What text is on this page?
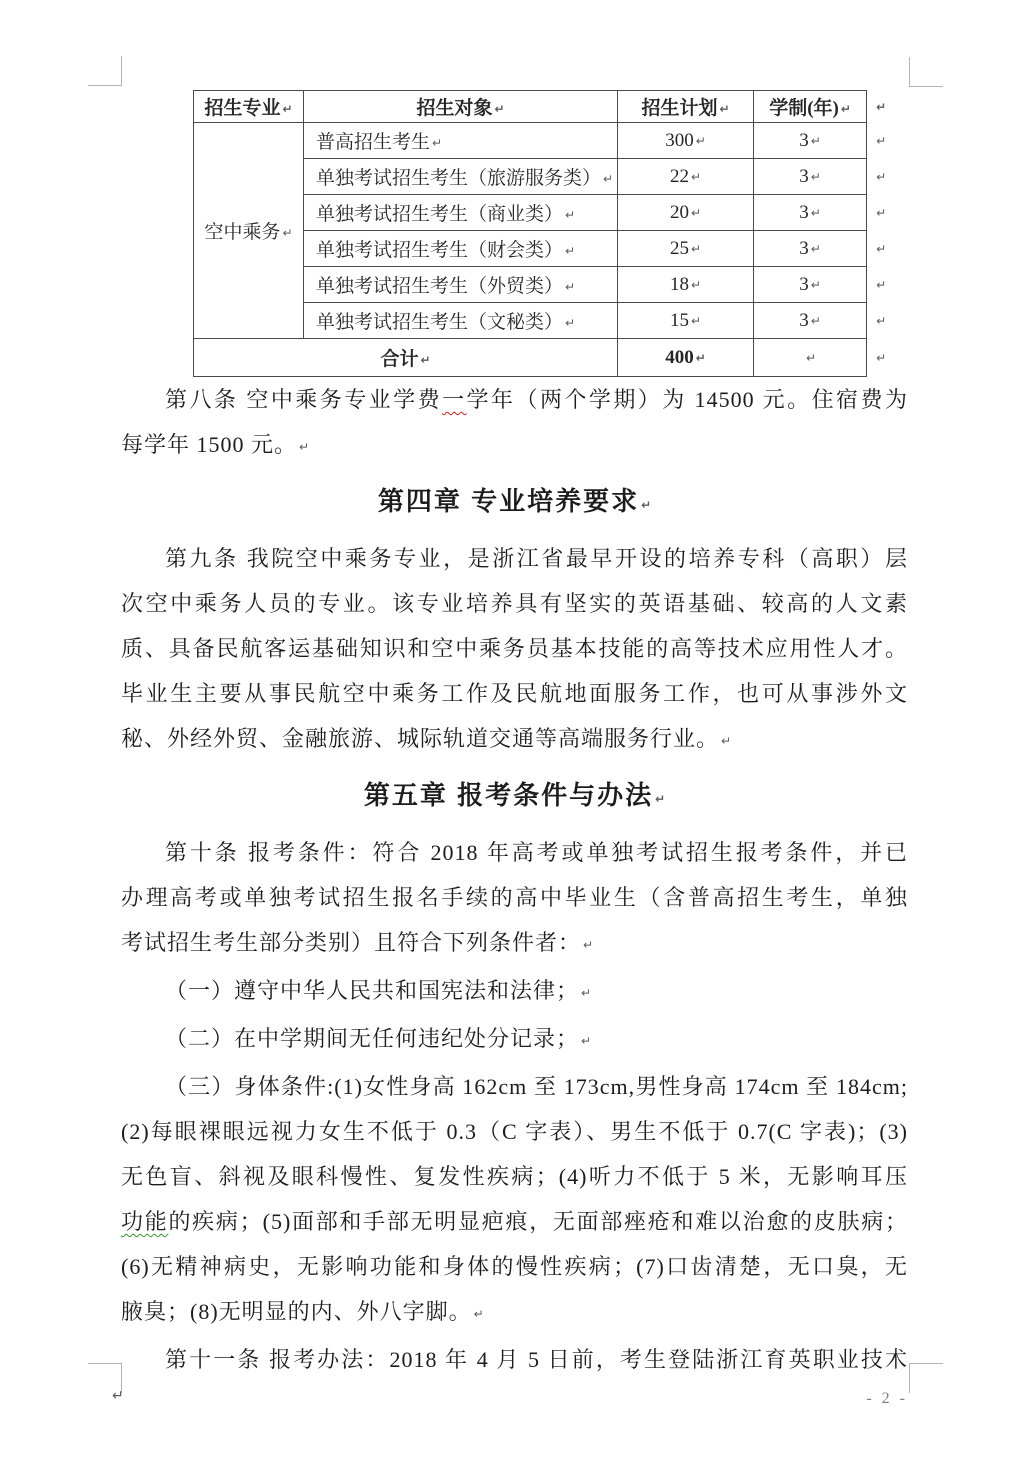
招生专业 ↵	招生对象 ↵	招生计划 ↵	学制(年) ↵	↵
空中乘务 ↵	普高招生考生 ↵	300 ↵	3 ↵	↵
	单独考试招生考生（旅游服务类） ↵	22 ↵	3 ↵	↵
	单独考试招生考生（商业类） ↵	20 ↵	3 ↵	↵
	单独考试招生考生（财会类） ↵	25 ↵	3 ↵	↵
	单独考试招生考生（外贸类） ↵	18 ↵	3 ↵	↵
	单独考试招生考生（文秘类） ↵	15 ↵	3 ↵	↵
合计 ↵		400 ↵	↵	↵
第八条 空中乘务专业学费一学年（两个学期）为 14500 元。住宿费为
每学年 1500 元。 ↵
第四章 专业培养要求 ↵
第九条 我院空中乘务专业，是浙江省最早开设的培养专科（高职）层
次空中乘务人员的专业。该专业培养具有坚实的英语基础、较高的人文素
质、具备民航客运基础知识和空中乘务员基本技能的高等技术应用性人才。
毕业生主要从事民航空中乘务工作及民航地面服务工作，也可从事涉外文
秘、外经外贸、金融旅游、城际轨道交通等高端服务行业。 ↵
第五章 报考条件与办法 ↵
第十条 报考条件：符合 2018 年高考或单独考试招生报考条件，并已
办理高考或单独考试招生报名手续的高中毕业生（含普高招生考生，单独
考试招生考生部分类别）且符合下列条件者： ↵
（一）遵守中华人民共和国宪法和法律； ↵
（二）在中学期间无任何违纪处分记录； ↵
（三）身体条件:(1)女性身高 162cm 至 173cm,男性身高 174cm 至 184cm;
(2)每眼裸眼远视力女生不低于 0.3（C 字表）、男生不低于 0.7(C 字表)；(3)
无色盲、斜视及眼科慢性、复发性疾病；(4)听力不低于 5 米，无影响耳压
功能的疾病；(5)面部和手部无明显疤痕，无面部痤疮和难以治愈的皮肤病；
(6)无精神病史，无影响功能和身体的慢性疾病；(7)口齿清楚，无口臭，无
腋臭；(8)无明显的内、外八字脚。 ↵
第十一条 报考办法：2018 年 4 月 5 日前，考生登陆浙江育英职业技术
↵	- 2 -
